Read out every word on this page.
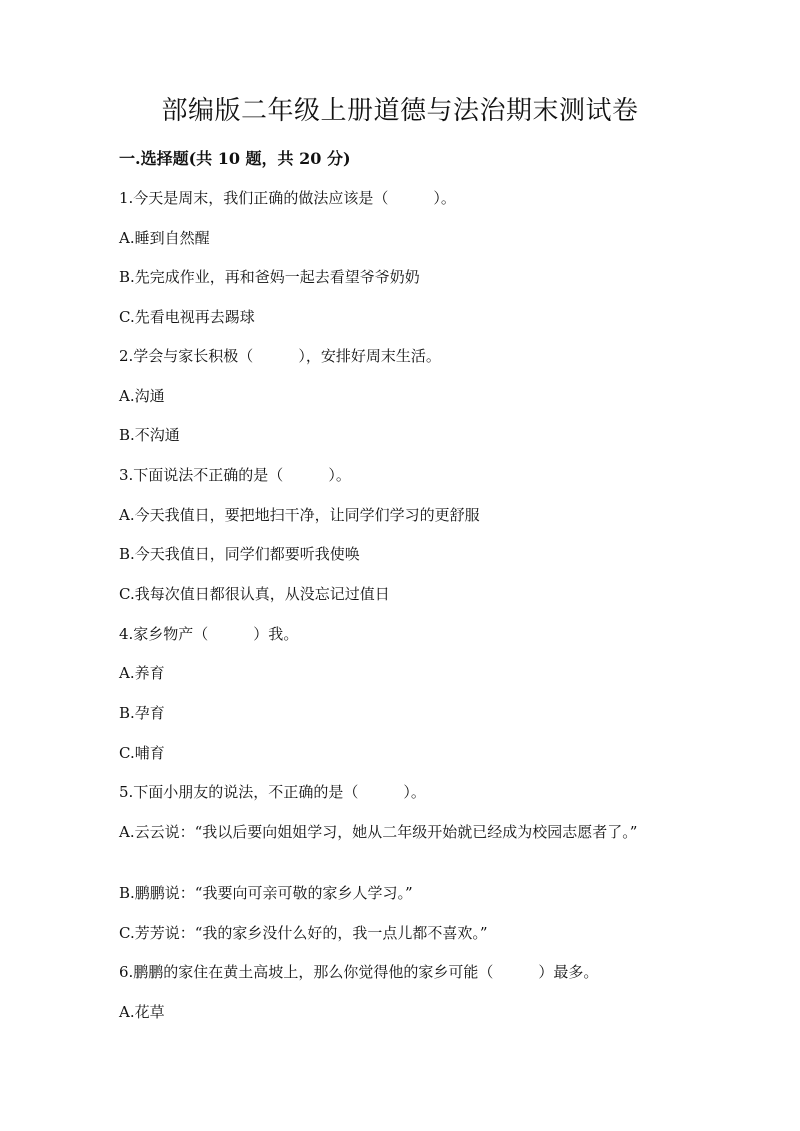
部编版二年级上册道德与法治期末测试卷
一.选择题(共 10 题，共 20 分)
1.今天是周末，我们正确的做法应该是（　　　）。
A.睡到自然醒
B.先完成作业，再和爸妈一起去看望爷爷奶奶
C.先看电视再去踢球
2.学会与家长积极（　　　），安排好周末生活。
A.沟通
B.不沟通
3.下面说法不正确的是（　　　）。
A.今天我值日，要把地扫干净，让同学们学习的更舒服
B.今天我值日，同学们都要听我使唤
C.我每次值日都很认真，从没忘记过值日
4.家乡物产（　　　）我。
A.养育
B.孕育
C.哺育
5.下面小朋友的说法，不正确的是（　　　）。
A.云云说：“我以后要向姐姐学习，她从二年级开始就已经成为校园志愿者了。”
B.鹏鹏说：“我要向可亲可敬的家乡人学习。”
C.芳芳说：“我的家乡没什么好的，我一点儿都不喜欢。”
6.鹏鹏的家住在黄土高坡上，那么你觉得他的家乡可能（　　　）最多。
A.花草
